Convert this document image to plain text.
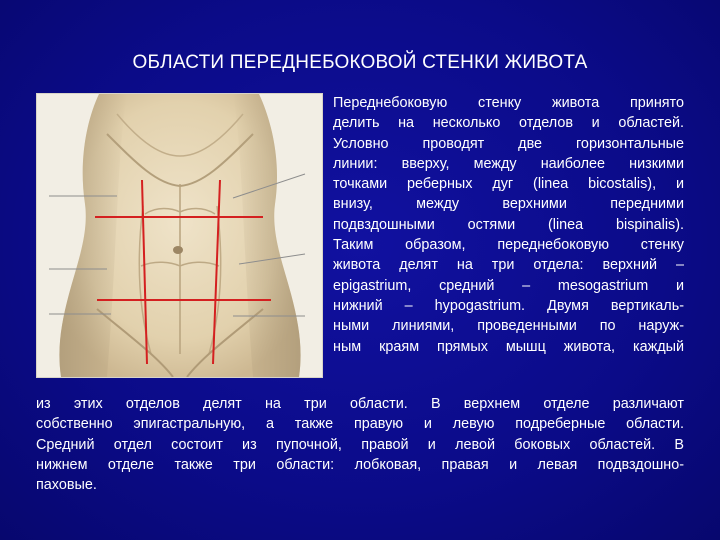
ОБЛАСТИ ПЕРЕДНЕБОКОВОЙ СТЕНКИ ЖИВОТА
Переднебоковую стенку живота принято
делить на несколько отделов и областей.
Условно проводят две горизонтальные
линии: вверху, между наиболее низкими
точками реберных дуг (linea bicostalis), и
внизу, между верхними передними
подвздошными остями (linea bispinalis).
Таким образом, переднебоковую стенку
живота делят на три отдела: верхний –
epigastrium, средний – mesogastrium и
нижний – hypogastrium. Двумя вертикаль-
ными линиями, проведенными по наруж-
ным краям прямых мышц живота, каждый
из этих отделов делят на три области. В верхнем отделе различают
собственно эпигастральную, а также правую и левую подреберные области.
Средний отдел состоит из пупочной, правой и левой боковых областей. В
нижнем отделе также три области: лобковая, правая и левая подвздошно-
паховые.
